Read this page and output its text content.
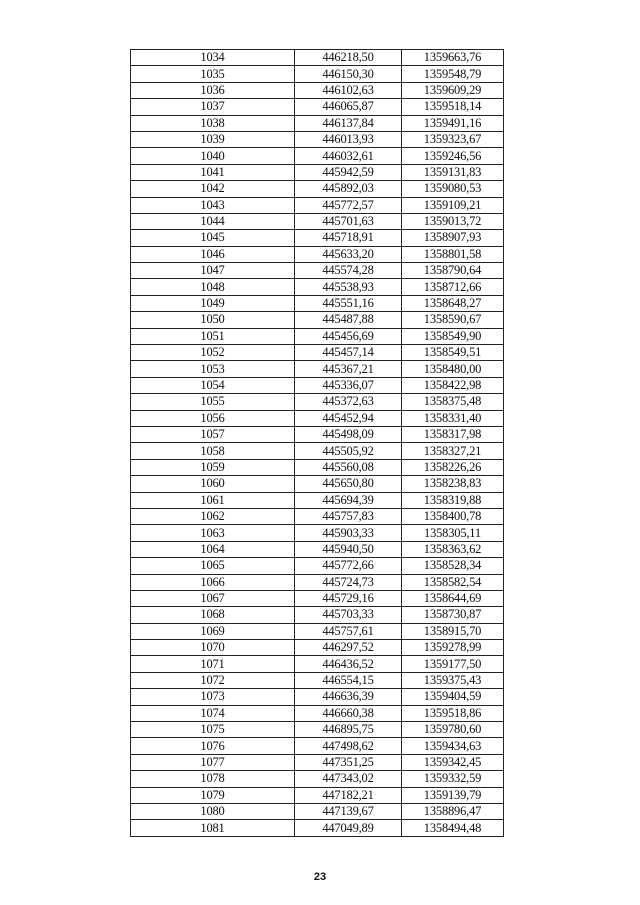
1034	446218,50	1359663,76
1035	446150,30	1359548,79
1036	446102,63	1359609,29
1037	446065,87	1359518,14
1038	446137,84	1359491,16
1039	446013,93	1359323,67
1040	446032,61	1359246,56
1041	445942,59	1359131,83
1042	445892,03	1359080,53
1043	445772,57	1359109,21
1044	445701,63	1359013,72
1045	445718,91	1358907,93
1046	445633,20	1358801,58
1047	445574,28	1358790,64
1048	445538,93	1358712,66
1049	445551,16	1358648,27
1050	445487,88	1358590,67
1051	445456,69	1358549,90
1052	445457,14	1358549,51
1053	445367,21	1358480,00
1054	445336,07	1358422,98
1055	445372,63	1358375,48
1056	445452,94	1358331,40
1057	445498,09	1358317,98
1058	445505,92	1358327,21
1059	445560,08	1358226,26
1060	445650,80	1358238,83
1061	445694,39	1358319,88
1062	445757,83	1358400,78
1063	445903,33	1358305,11
1064	445940,50	1358363,62
1065	445772,66	1358528,34
1066	445724,73	1358582,54
1067	445729,16	1358644,69
1068	445703,33	1358730,87
1069	445757,61	1358915,70
1070	446297,52	1359278,99
1071	446436,52	1359177,50
1072	446554,15	1359375,43
1073	446636,39	1359404,59
1074	446660,38	1359518,86
1075	446895,75	1359780,60
1076	447498,62	1359434,63
1077	447351,25	1359342,45
1078	447343,02	1359332,59
1079	447182,21	1359139,79
1080	447139,67	1358896,47
1081	447049,89	1358494,48
23
